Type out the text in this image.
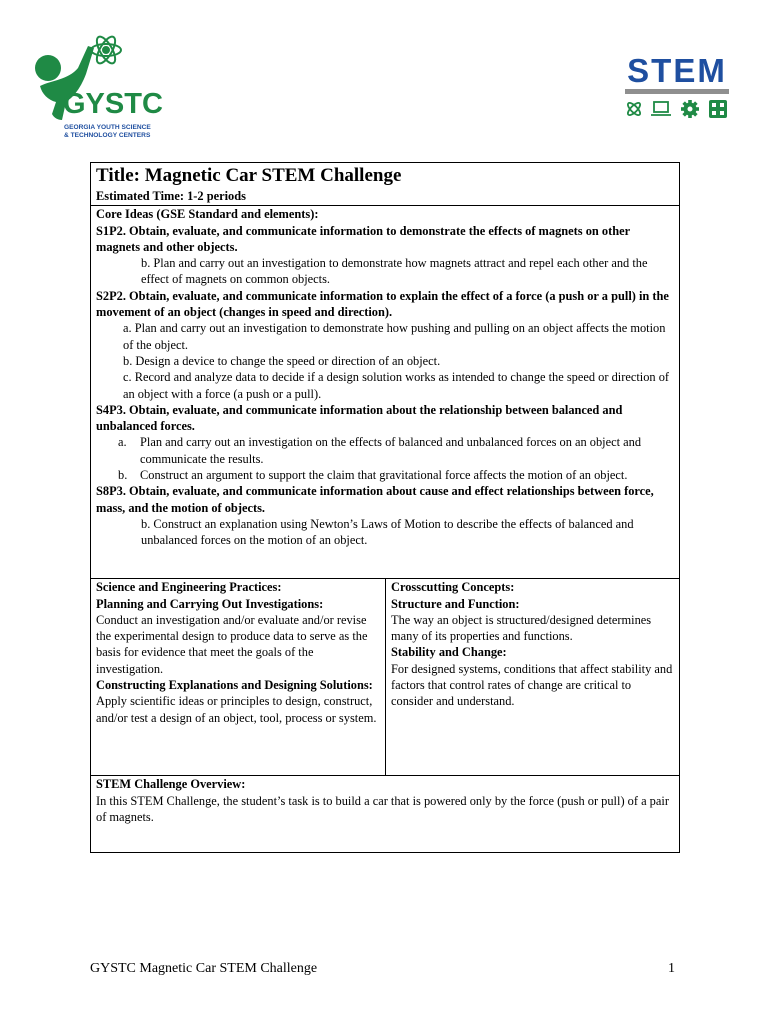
GYSTC
GEORGIA YOUTH SCIENCE
& TECHNOLOGY CENTERS
STEM
Title: Magnetic Car STEM Challenge
Estimated Time: 1-2 periods

Core Ideas (GSE Standard and elements):
S1P2. Obtain, evaluate, and communicate information to demonstrate the effects of magnets on other magnets and other objects.
b. Plan and carry out an investigation to demonstrate how magnets attract and repel each other and the effect of magnets on common objects.
S2P2. Obtain, evaluate, and communicate information to explain the effect of a force (a push or a pull) in the movement of an object (changes in speed and direction).
a. Plan and carry out an investigation to demonstrate how pushing and pulling on an object affects the motion of the object.
b. Design a device to change the speed or direction of an object.
c. Record and analyze data to decide if a design solution works as intended to change the speed or direction of an object with a force (a push or a pull).
S4P3. Obtain, evaluate, and communicate information about the relationship between balanced and unbalanced forces.
a.	Plan and carry out an investigation on the effects of balanced and unbalanced forces on an object and communicate the results.
b.	Construct an argument to support the claim that gravitational force affects the motion of an object.
S8P3. Obtain, evaluate, and communicate information about cause and effect relationships between force, mass, and the motion of objects.
b. Construct an explanation using Newton’s Laws of Motion to describe the effects of balanced and unbalanced forces on the motion of an object.

Science and Engineering Practices:
Planning and Carrying Out Investigations:
Conduct an investigation and/or evaluate and/or revise the experimental design to produce data to serve as the basis for evidence that meet the goals of the investigation.
Constructing Explanations and Designing Solutions:
Apply scientific ideas or principles to design, construct, and/or test a design of an object, tool, process or system.

Crosscutting Concepts:
Structure and Function:
The way an object is structured/designed determines many of its properties and functions.
Stability and Change:
For designed systems, conditions that affect stability and factors that control rates of change are critical to consider and understand.

STEM Challenge Overview:
In this STEM Challenge, the student’s task is to build a car that is powered only by the force (push or pull) of a pair of magnets.
GYSTC Magnetic Car STEM Challenge	1
